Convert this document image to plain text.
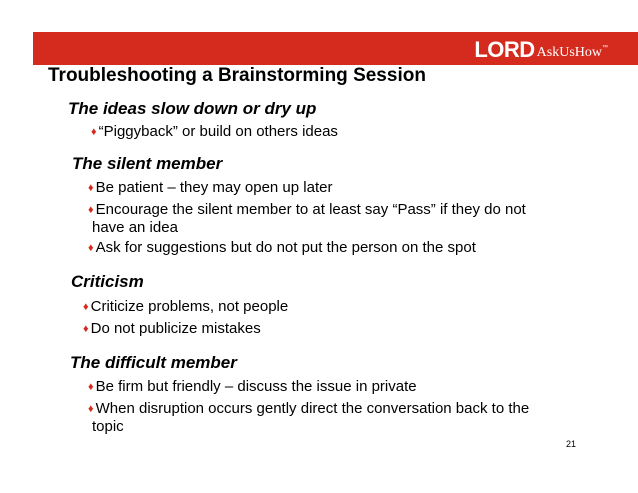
LORD AskUsHow ™
Troubleshooting a Brainstorming Session
The ideas slow down or dry up
♦ “Piggyback” or build on others ideas
The silent member
♦ Be patient – they may open up later
♦ Encourage the silent member to at least say “Pass” if they do not
have an idea
♦ Ask for suggestions but do not put the person on the spot
Criticism
♦ Criticize problems, not people
♦ Do not publicize mistakes
The difficult member
♦ Be firm but friendly – discuss the issue in private
♦ When disruption occurs gently direct the conversation back to the
topic
21
